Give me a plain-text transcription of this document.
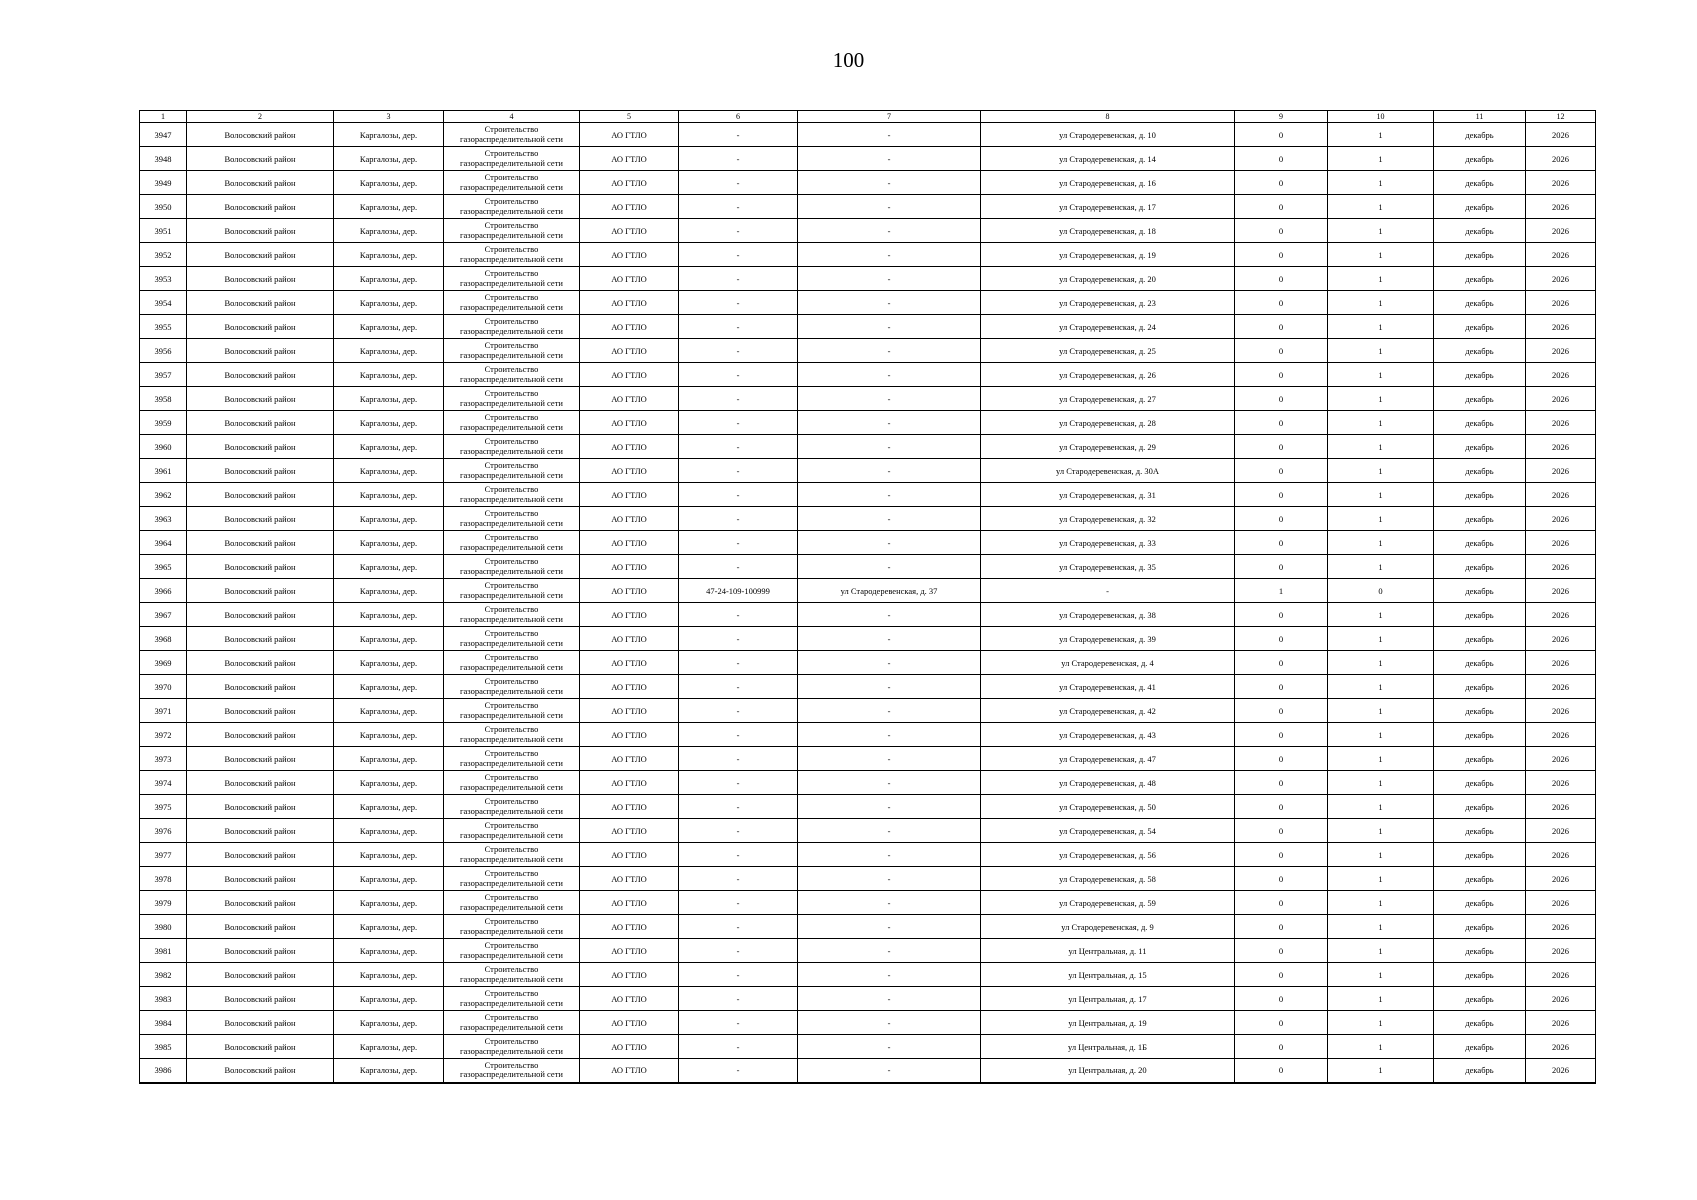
100
1	2	3	4	5	6	7	8	9	10	11	12
3947	Волосовский район	Каргалозы, дер.	Строительство
газораспределительной сети	АО ГТЛО	-	-	ул Стародеревенская, д. 10	0	1	декабрь	2026
3948	Волосовский район	Каргалозы, дер.	Строительство
газораспределительной сети	АО ГТЛО	-	-	ул Стародеревенская, д. 14	0	1	декабрь	2026
3949	Волосовский район	Каргалозы, дер.	Строительство
газораспределительной сети	АО ГТЛО	-	-	ул Стародеревенская, д. 16	0	1	декабрь	2026
3950	Волосовский район	Каргалозы, дер.	Строительство
газораспределительной сети	АО ГТЛО	-	-	ул Стародеревенская, д. 17	0	1	декабрь	2026
3951	Волосовский район	Каргалозы, дер.	Строительство
газораспределительной сети	АО ГТЛО	-	-	ул Стародеревенская, д. 18	0	1	декабрь	2026
3952	Волосовский район	Каргалозы, дер.	Строительство
газораспределительной сети	АО ГТЛО	-	-	ул Стародеревенская, д. 19	0	1	декабрь	2026
3953	Волосовский район	Каргалозы, дер.	Строительство
газораспределительной сети	АО ГТЛО	-	-	ул Стародеревенская, д. 20	0	1	декабрь	2026
3954	Волосовский район	Каргалозы, дер.	Строительство
газораспределительной сети	АО ГТЛО	-	-	ул Стародеревенская, д. 23	0	1	декабрь	2026
3955	Волосовский район	Каргалозы, дер.	Строительство
газораспределительной сети	АО ГТЛО	-	-	ул Стародеревенская, д. 24	0	1	декабрь	2026
3956	Волосовский район	Каргалозы, дер.	Строительство
газораспределительной сети	АО ГТЛО	-	-	ул Стародеревенская, д. 25	0	1	декабрь	2026
3957	Волосовский район	Каргалозы, дер.	Строительство
газораспределительной сети	АО ГТЛО	-	-	ул Стародеревенская, д. 26	0	1	декабрь	2026
3958	Волосовский район	Каргалозы, дер.	Строительство
газораспределительной сети	АО ГТЛО	-	-	ул Стародеревенская, д. 27	0	1	декабрь	2026
3959	Волосовский район	Каргалозы, дер.	Строительство
газораспределительной сети	АО ГТЛО	-	-	ул Стародеревенская, д. 28	0	1	декабрь	2026
3960	Волосовский район	Каргалозы, дер.	Строительство
газораспределительной сети	АО ГТЛО	-	-	ул Стародеревенская, д. 29	0	1	декабрь	2026
3961	Волосовский район	Каргалозы, дер.	Строительство
газораспределительной сети	АО ГТЛО	-	-	ул Стародеревенская, д. 30А	0	1	декабрь	2026
3962	Волосовский район	Каргалозы, дер.	Строительство
газораспределительной сети	АО ГТЛО	-	-	ул Стародеревенская, д. 31	0	1	декабрь	2026
3963	Волосовский район	Каргалозы, дер.	Строительство
газораспределительной сети	АО ГТЛО	-	-	ул Стародеревенская, д. 32	0	1	декабрь	2026
3964	Волосовский район	Каргалозы, дер.	Строительство
газораспределительной сети	АО ГТЛО	-	-	ул Стародеревенская, д. 33	0	1	декабрь	2026
3965	Волосовский район	Каргалозы, дер.	Строительство
газораспределительной сети	АО ГТЛО	-	-	ул Стародеревенская, д. 35	0	1	декабрь	2026
3966	Волосовский район	Каргалозы, дер.	Строительство
газораспределительной сети	АО ГТЛО	47-24-109-100999	ул Стародеревенская, д. 37	-	1	0	декабрь	2026
3967	Волосовский район	Каргалозы, дер.	Строительство
газораспределительной сети	АО ГТЛО	-	-	ул Стародеревенская, д. 38	0	1	декабрь	2026
3968	Волосовский район	Каргалозы, дер.	Строительство
газораспределительной сети	АО ГТЛО	-	-	ул Стародеревенская, д. 39	0	1	декабрь	2026
3969	Волосовский район	Каргалозы, дер.	Строительство
газораспределительной сети	АО ГТЛО	-	-	ул Стародеревенская, д. 4	0	1	декабрь	2026
3970	Волосовский район	Каргалозы, дер.	Строительство
газораспределительной сети	АО ГТЛО	-	-	ул Стародеревенская, д. 41	0	1	декабрь	2026
3971	Волосовский район	Каргалозы, дер.	Строительство
газораспределительной сети	АО ГТЛО	-	-	ул Стародеревенская, д. 42	0	1	декабрь	2026
3972	Волосовский район	Каргалозы, дер.	Строительство
газораспределительной сети	АО ГТЛО	-	-	ул Стародеревенская, д. 43	0	1	декабрь	2026
3973	Волосовский район	Каргалозы, дер.	Строительство
газораспределительной сети	АО ГТЛО	-	-	ул Стародеревенская, д. 47	0	1	декабрь	2026
3974	Волосовский район	Каргалозы, дер.	Строительство
газораспределительной сети	АО ГТЛО	-	-	ул Стародеревенская, д. 48	0	1	декабрь	2026
3975	Волосовский район	Каргалозы, дер.	Строительство
газораспределительной сети	АО ГТЛО	-	-	ул Стародеревенская, д. 50	0	1	декабрь	2026
3976	Волосовский район	Каргалозы, дер.	Строительство
газораспределительной сети	АО ГТЛО	-	-	ул Стародеревенская, д. 54	0	1	декабрь	2026
3977	Волосовский район	Каргалозы, дер.	Строительство
газораспределительной сети	АО ГТЛО	-	-	ул Стародеревенская, д. 56	0	1	декабрь	2026
3978	Волосовский район	Каргалозы, дер.	Строительство
газораспределительной сети	АО ГТЛО	-	-	ул Стародеревенская, д. 58	0	1	декабрь	2026
3979	Волосовский район	Каргалозы, дер.	Строительство
газораспределительной сети	АО ГТЛО	-	-	ул Стародеревенская, д. 59	0	1	декабрь	2026
3980	Волосовский район	Каргалозы, дер.	Строительство
газораспределительной сети	АО ГТЛО	-	-	ул Стародеревенская, д. 9	0	1	декабрь	2026
3981	Волосовский район	Каргалозы, дер.	Строительство
газораспределительной сети	АО ГТЛО	-	-	ул Центральная, д. 11	0	1	декабрь	2026
3982	Волосовский район	Каргалозы, дер.	Строительство
газораспределительной сети	АО ГТЛО	-	-	ул Центральная, д. 15	0	1	декабрь	2026
3983	Волосовский район	Каргалозы, дер.	Строительство
газораспределительной сети	АО ГТЛО	-	-	ул Центральная, д. 17	0	1	декабрь	2026
3984	Волосовский район	Каргалозы, дер.	Строительство
газораспределительной сети	АО ГТЛО	-	-	ул Центральная, д. 19	0	1	декабрь	2026
3985	Волосовский район	Каргалозы, дер.	Строительство
газораспределительной сети	АО ГТЛО	-	-	ул Центральная, д. 1Б	0	1	декабрь	2026
3986	Волосовский район	Каргалозы, дер.	Строительство
газораспределительной сети	АО ГТЛО	-	-	ул Центральная, д. 20	0	1	декабрь	2026
